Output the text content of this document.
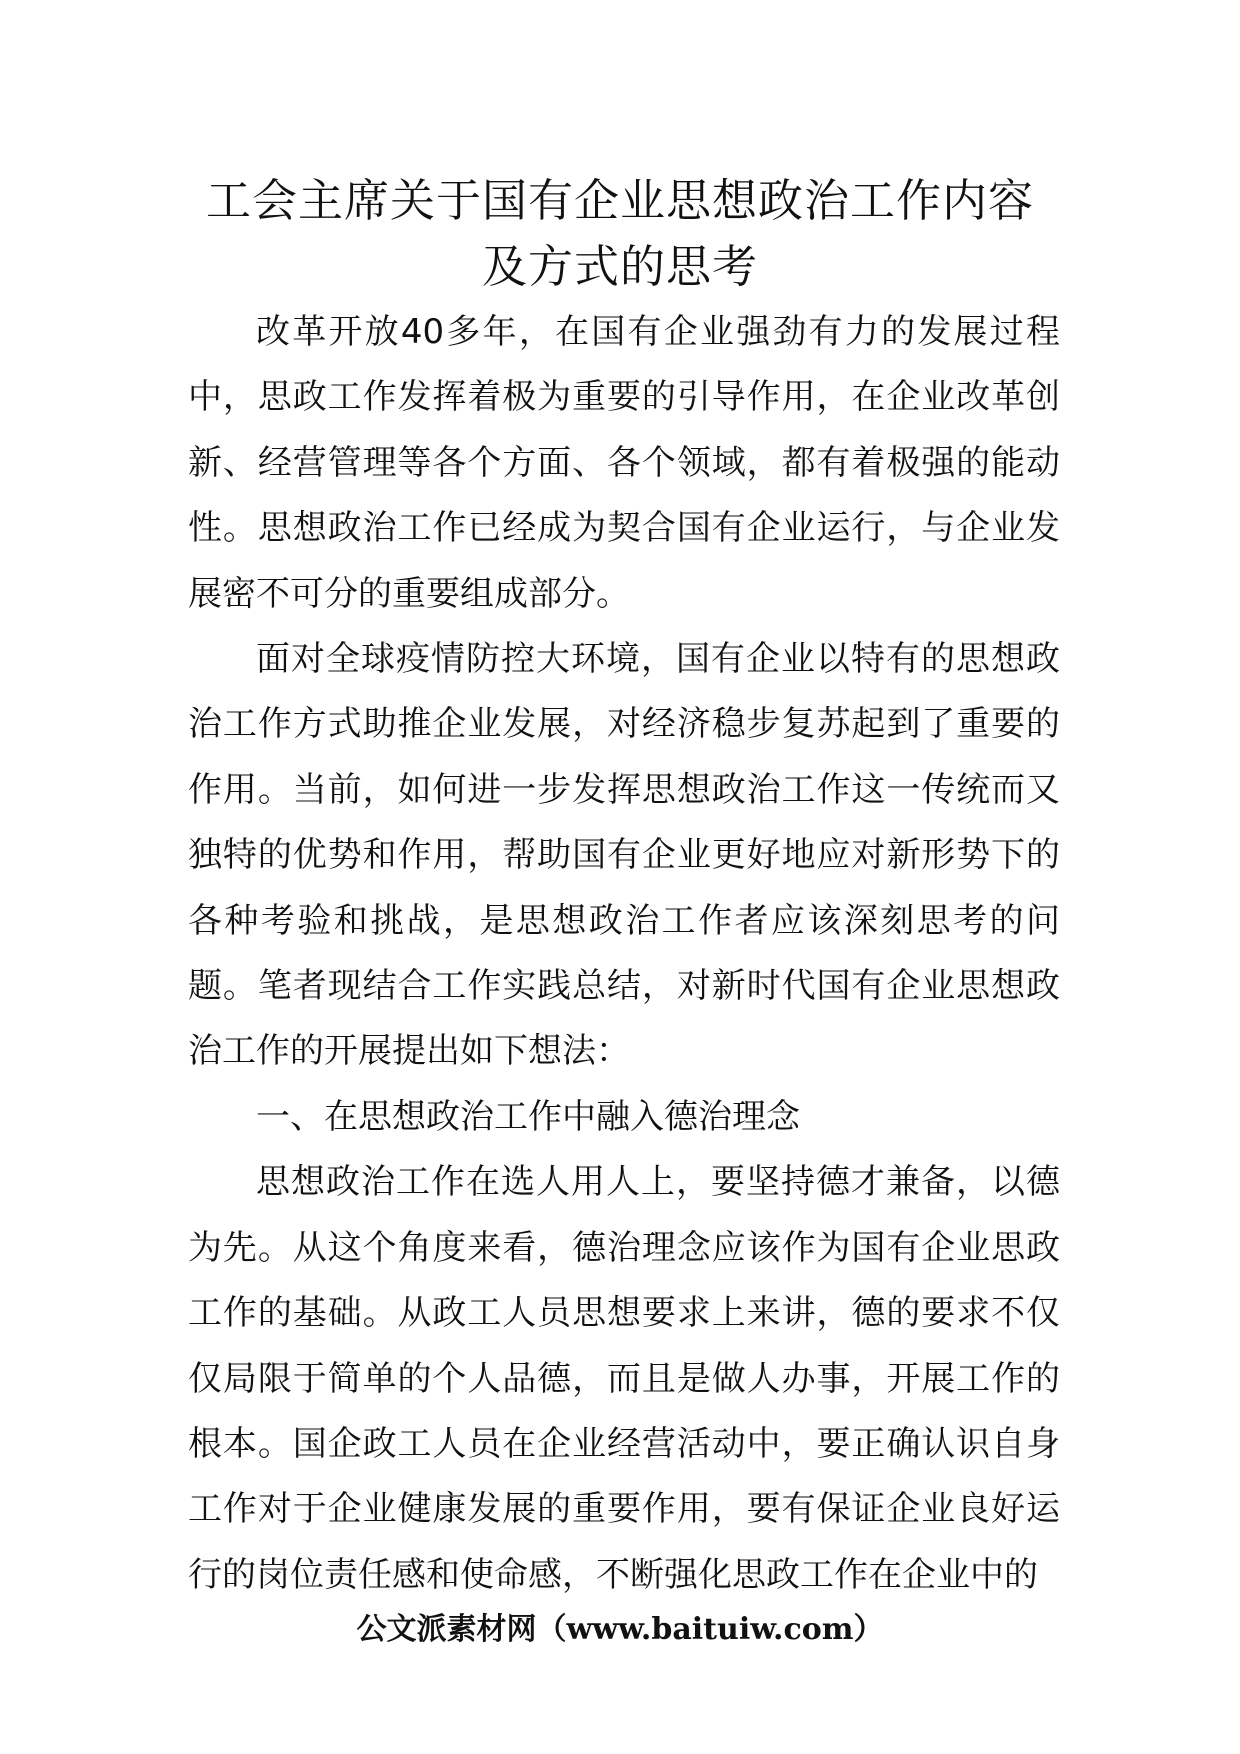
工会主席关于国有企业思想政治工作内容
及方式的思考

改革开放40多年，在国有企业强劲有力的发展过程中，思政工作发挥着极为重要的引导作用，在企业改革创新、经营管理等各个方面、各个领域，都有着极强的能动性。思想政治工作已经成为契合国有企业运行，与企业发展密不可分的重要组成部分。

面对全球疫情防控大环境，国有企业以特有的思想政治工作方式助推企业发展，对经济稳步复苏起到了重要的作用。当前，如何进一步发挥思想政治工作这一传统而又独特的优势和作用，帮助国有企业更好地应对新形势下的各种考验和挑战，是思想政治工作者应该深刻思考的问题。笔者现结合工作实践总结，对新时代国有企业思想政治工作的开展提出如下想法：

一、在思想政治工作中融入德治理念

思想政治工作在选人用人上，要坚持德才兼备，以德为先。从这个角度来看，德治理念应该作为国有企业思政工作的基础。从政工人员思想要求上来讲，德的要求不仅仅局限于简单的个人品德，而且是做人办事，开展工作的根本。国企政工人员在企业经营活动中，要正确认识自身工作对于企业健康发展的重要作用，要有保证企业良好运行的岗位责任感和使命感，不断强化思政工作在企业中的

公文派素材网（www.baituiw.com）
